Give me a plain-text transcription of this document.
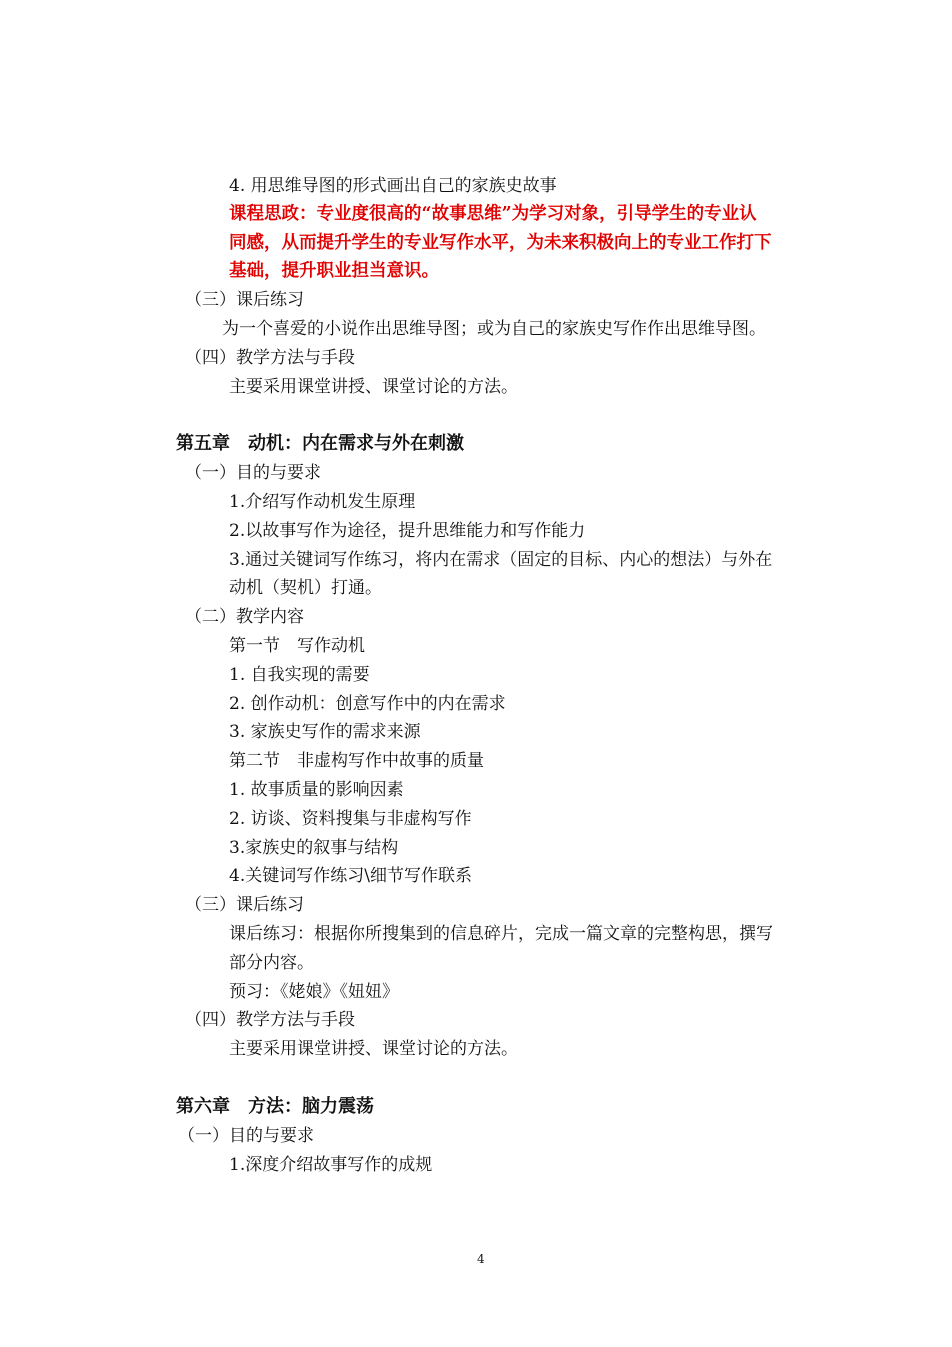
4. 用思维导图的形式画出自己的家族史故事

课程思政：专业度很高的“故事思维”为学习对象，引导学生的专业认

同感，从而提升学生的专业写作水平，为未来积极向上的专业工作打下

基础，提升职业担当意识。

（三）课后练习

为一个喜爱的小说作出思维导图；或为自己的家族史写作作出思维导图。

（四）教学方法与手段

主要采用课堂讲授、课堂讨论的方法。

第五章　动机：内在需求与外在刺激

（一）目的与要求

1.介绍写作动机发生原理

2.以故事写作为途径，提升思维能力和写作能力

3.通过关键词写作练习，将内在需求（固定的目标、内心的想法）与外在

动机（契机）打通。

（二）教学内容

第一节　写作动机

1. 自我实现的需要

2. 创作动机：创意写作中的内在需求

3. 家族史写作的需求来源

第二节　非虚构写作中故事的质量

1. 故事质量的影响因素

2. 访谈、资料搜集与非虚构写作

3.家族史的叙事与结构

4.关键词写作练习\细节写作联系

（三）课后练习

课后练习：根据你所搜集到的信息碎片，完成一篇文章的完整构思，撰写

部分内容。

预习：《姥娘》《妞妞》

（四）教学方法与手段

主要采用课堂讲授、课堂讨论的方法。

第六章　方法：脑力震荡

（一）目的与要求

1.深度介绍故事写作的成规

4
